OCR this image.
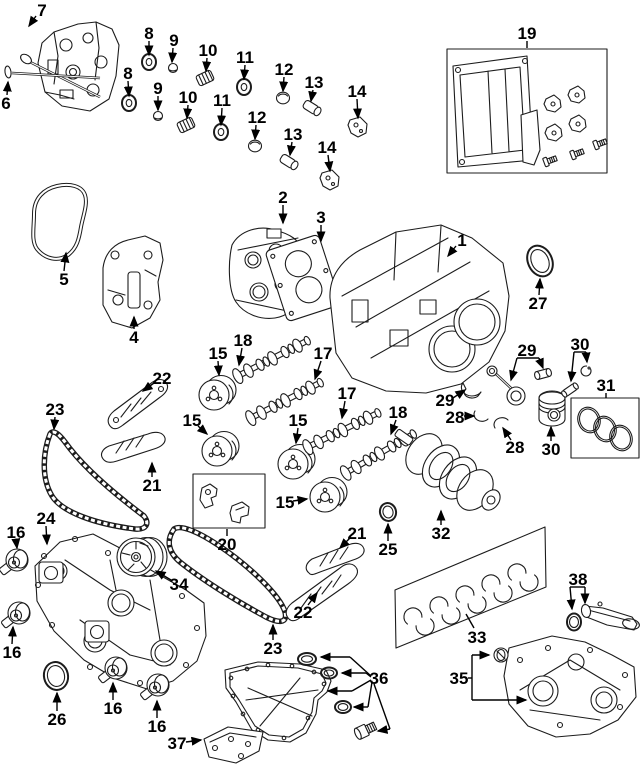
7
6
8 9
10 11
12
13 14
8
9 10 11
12
13
14
19
5
4
2
3
1
27
29 30
31
15
18
17
22
15
17
18
29
28
28 30
15
15
23
21
16
24
34
16
26
16
16
37
20
23
22
21
25
32
33
36	35
38
